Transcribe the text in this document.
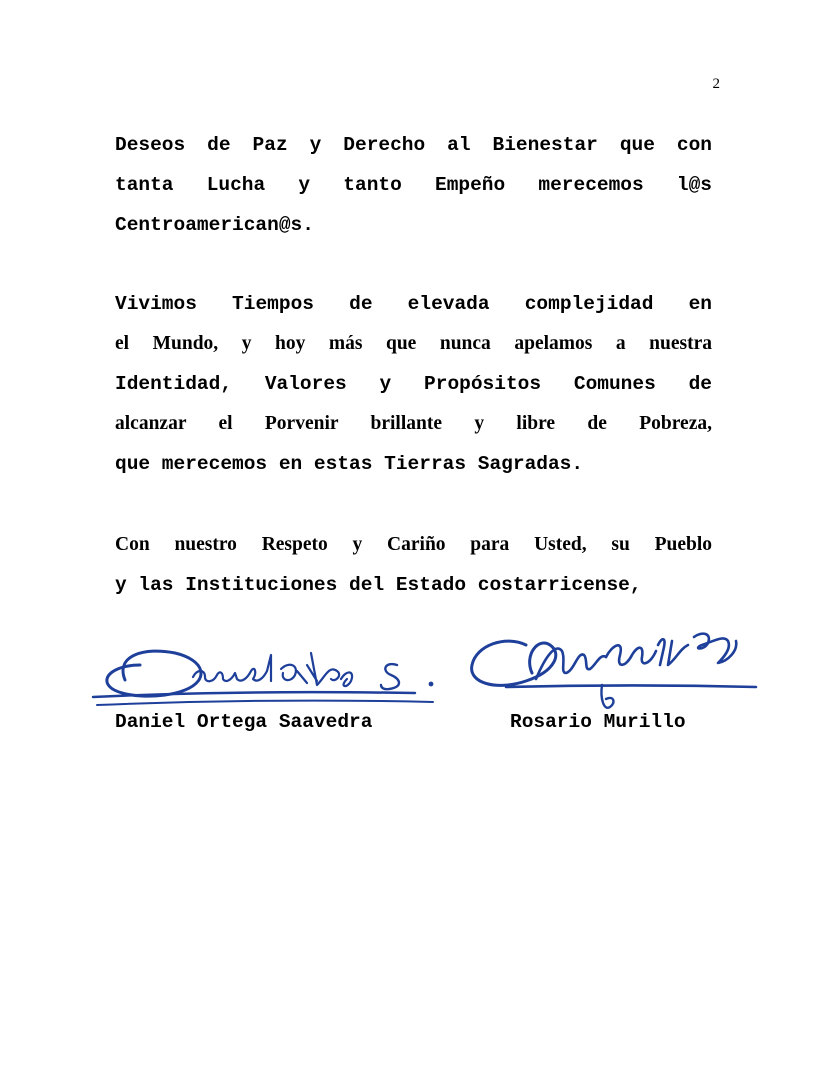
2

Deseos de Paz y Derecho al Bienestar que con

tanta Lucha y tanto Empeño merecemos l@s

Centroamerican@s.

Vivimos Tiempos de elevada complejidad en

el Mundo, y hoy más que nunca apelamos a nuestra

Identidad, Valores y Propósitos Comunes de

alcanzar el Porvenir brillante y libre de Pobreza,

que merecemos en estas Tierras Sagradas.

Con nuestro Respeto y Cariño para Usted, su Pueblo

y las Instituciones del Estado costarricense,

Daniel Ortega Saavedra	Rosario Murillo
